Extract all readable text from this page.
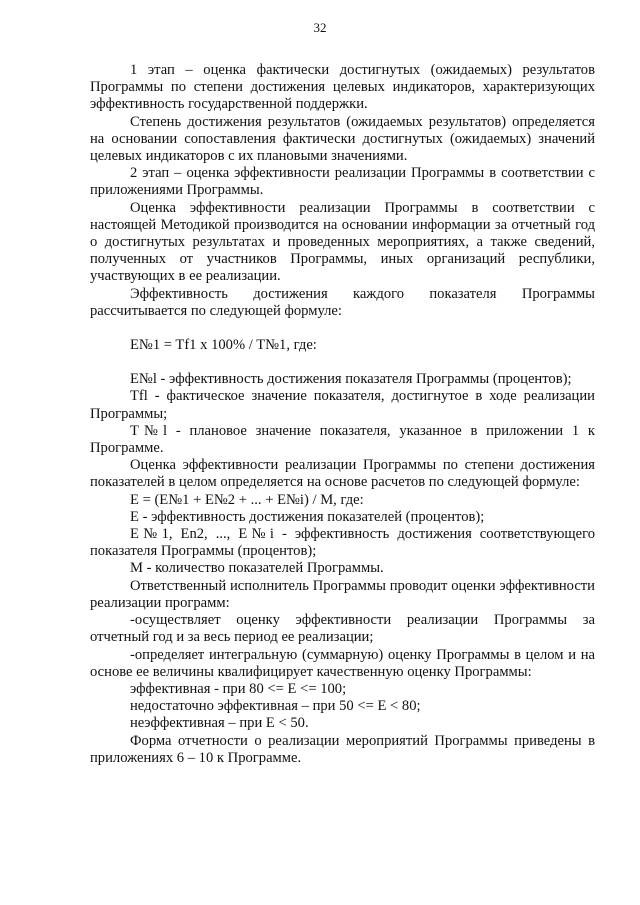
32

1 этап – оценка фактически достигнутых (ожидаемых) результатов Программы по степени достижения целевых индикаторов, характеризующих эффективность государственной поддержки.

Степень достижения результатов (ожидаемых результатов) определяется на основании сопоставления фактически достигнутых (ожидаемых) значений целевых индикаторов с их плановыми значениями.

2 этап – оценка эффективности реализации Программы в соответствии с приложениями Программы.

Оценка эффективности реализации Программы в соответствии с настоящей Методикой производится на основании информации за отчетный год о достигнутых результатах и проведенных мероприятиях, а также сведений, полученных от участников Программы, иных организаций республики, участвующих в ее реализации.

Эффективность достижения каждого показателя Программы рассчитывается по следующей формуле:

E№1 = Tf1 x 100% / T№1, где:

E№l - эффективность достижения показателя Программы (процентов);

Tfl - фактическое значение показателя, достигнутое в ходе реализации Программы;

T№l - плановое значение показателя, указанное в приложении 1 к Программе.

Оценка эффективности реализации Программы по степени достижения показателей в целом определяется на основе расчетов по следующей формуле:

E = (E№1 + E№2 + ... + E№i) / M, где:

E - эффективность достижения показателей (процентов);

E№1, En2, ..., E№i - эффективность достижения соответствующего показателя Программы (процентов);

M - количество показателей Программы.

Ответственный исполнитель Программы проводит оценки эффективности реализации программ:

-осуществляет оценку эффективности реализации Программы за отчетный год и за весь период ее реализации;

-определяет интегральную (суммарную) оценку Программы в целом и на основе ее величины квалифицирует качественную оценку Программы:

эффективная - при 80 <= E <= 100;

недостаточно эффективная – при 50 <= E < 80;

неэффективная – при E < 50.

Форма отчетности о реализации мероприятий Программы приведены в приложениях 6 – 10 к Программе.
